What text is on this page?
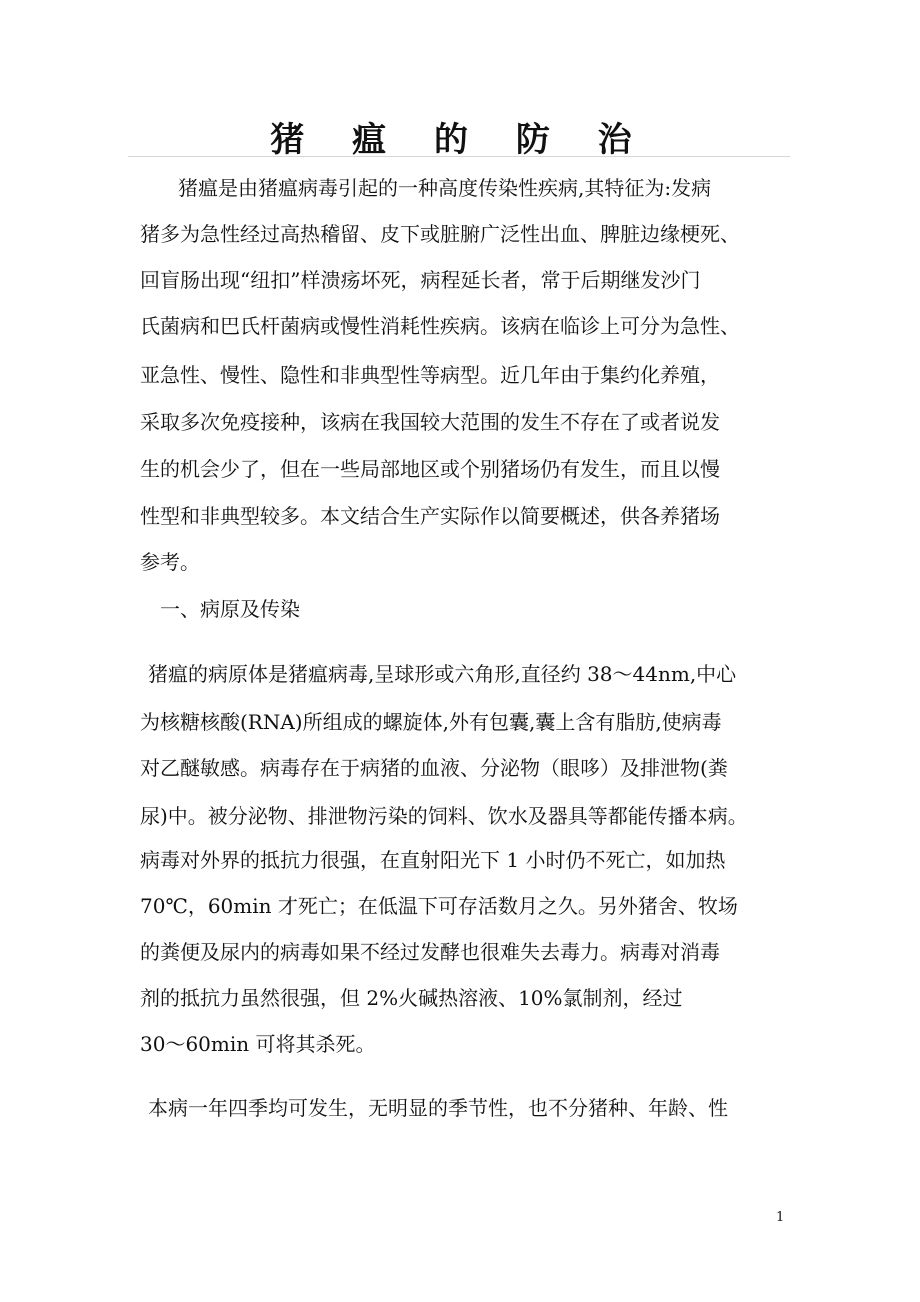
猪 瘟 的 防 治
猪瘟是由猪瘟病毒引起的一种高度传染性疾病,其特征为:发病
猪多为急性经过高热稽留、皮下或脏腑广泛性出血、脾脏边缘梗死、
回盲肠出现“纽扣”样溃疡坏死，病程延长者，常于后期继发沙门
氏菌病和巴氏杆菌病或慢性消耗性疾病。该病在临诊上可分为急性、
亚急性、慢性、隐性和非典型性等病型。近几年由于集约化养殖，
采取多次免疫接种，该病在我国较大范围的发生不存在了或者说发
生的机会少了，但在一些局部地区或个别猪场仍有发生，而且以慢
性型和非典型较多。本文结合生产实际作以简要概述，供各养猪场
参考。
一、病原及传染
猪瘟的病原体是猪瘟病毒,呈球形或六角形,直径约 38～44nm,中心
为核糖核酸(RNA)所组成的螺旋体,外有包囊,囊上含有脂肪,使病毒
对乙醚敏感。病毒存在于病猪的血液、分泌物（眼哆）及排泄物(粪
尿)中。被分泌物、排泄物污染的饲料、饮水及器具等都能传播本病。
病毒对外界的抵抗力很强，在直射阳光下 1 小时仍不死亡，如加热
70℃，60min 才死亡；在低温下可存活数月之久。另外猪舍、牧场
的粪便及尿内的病毒如果不经过发酵也很难失去毒力。病毒对消毒
剂的抵抗力虽然很强，但 2%火碱热溶液、10%氯制剂，经过
30～60min 可将其杀死。
本病一年四季均可发生，无明显的季节性，也不分猪种、年龄、性
1
